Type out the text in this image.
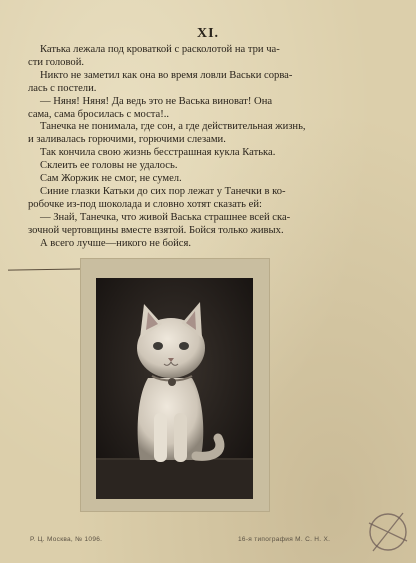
XI.
Катька лежала под кроваткой с расколотой на три ча-
сти головой.
Никто не заметил как она во время ловли Васьки сорва-
лась с постели.
— Няня! Няня! Да ведь это не Васька виноват! Она
сама, сама бросилась с моста!..
Танечка не понимала, где сон, а где действительная жизнь,
и заливалась горючими, горючими слезами.
Так кончила свою жизнь бесстрашная кукла Катька.
Склеить ее головы не удалось.
Сам Жоржик не смог, не сумел.
Синие глазки Катьки до сих пор лежат у Танечки в ко-
робочке из-под шоколада и словно хотят сказать ей:
— Знай, Танечка, что живой Васька страшнее всей ска-
зочной чертовщины вместе взятой. Бойся только живых.
А всего лучше—никого не бойся.
Р. Ц. Москва, № 1096.	16-я типография М. С. Н. Х.
